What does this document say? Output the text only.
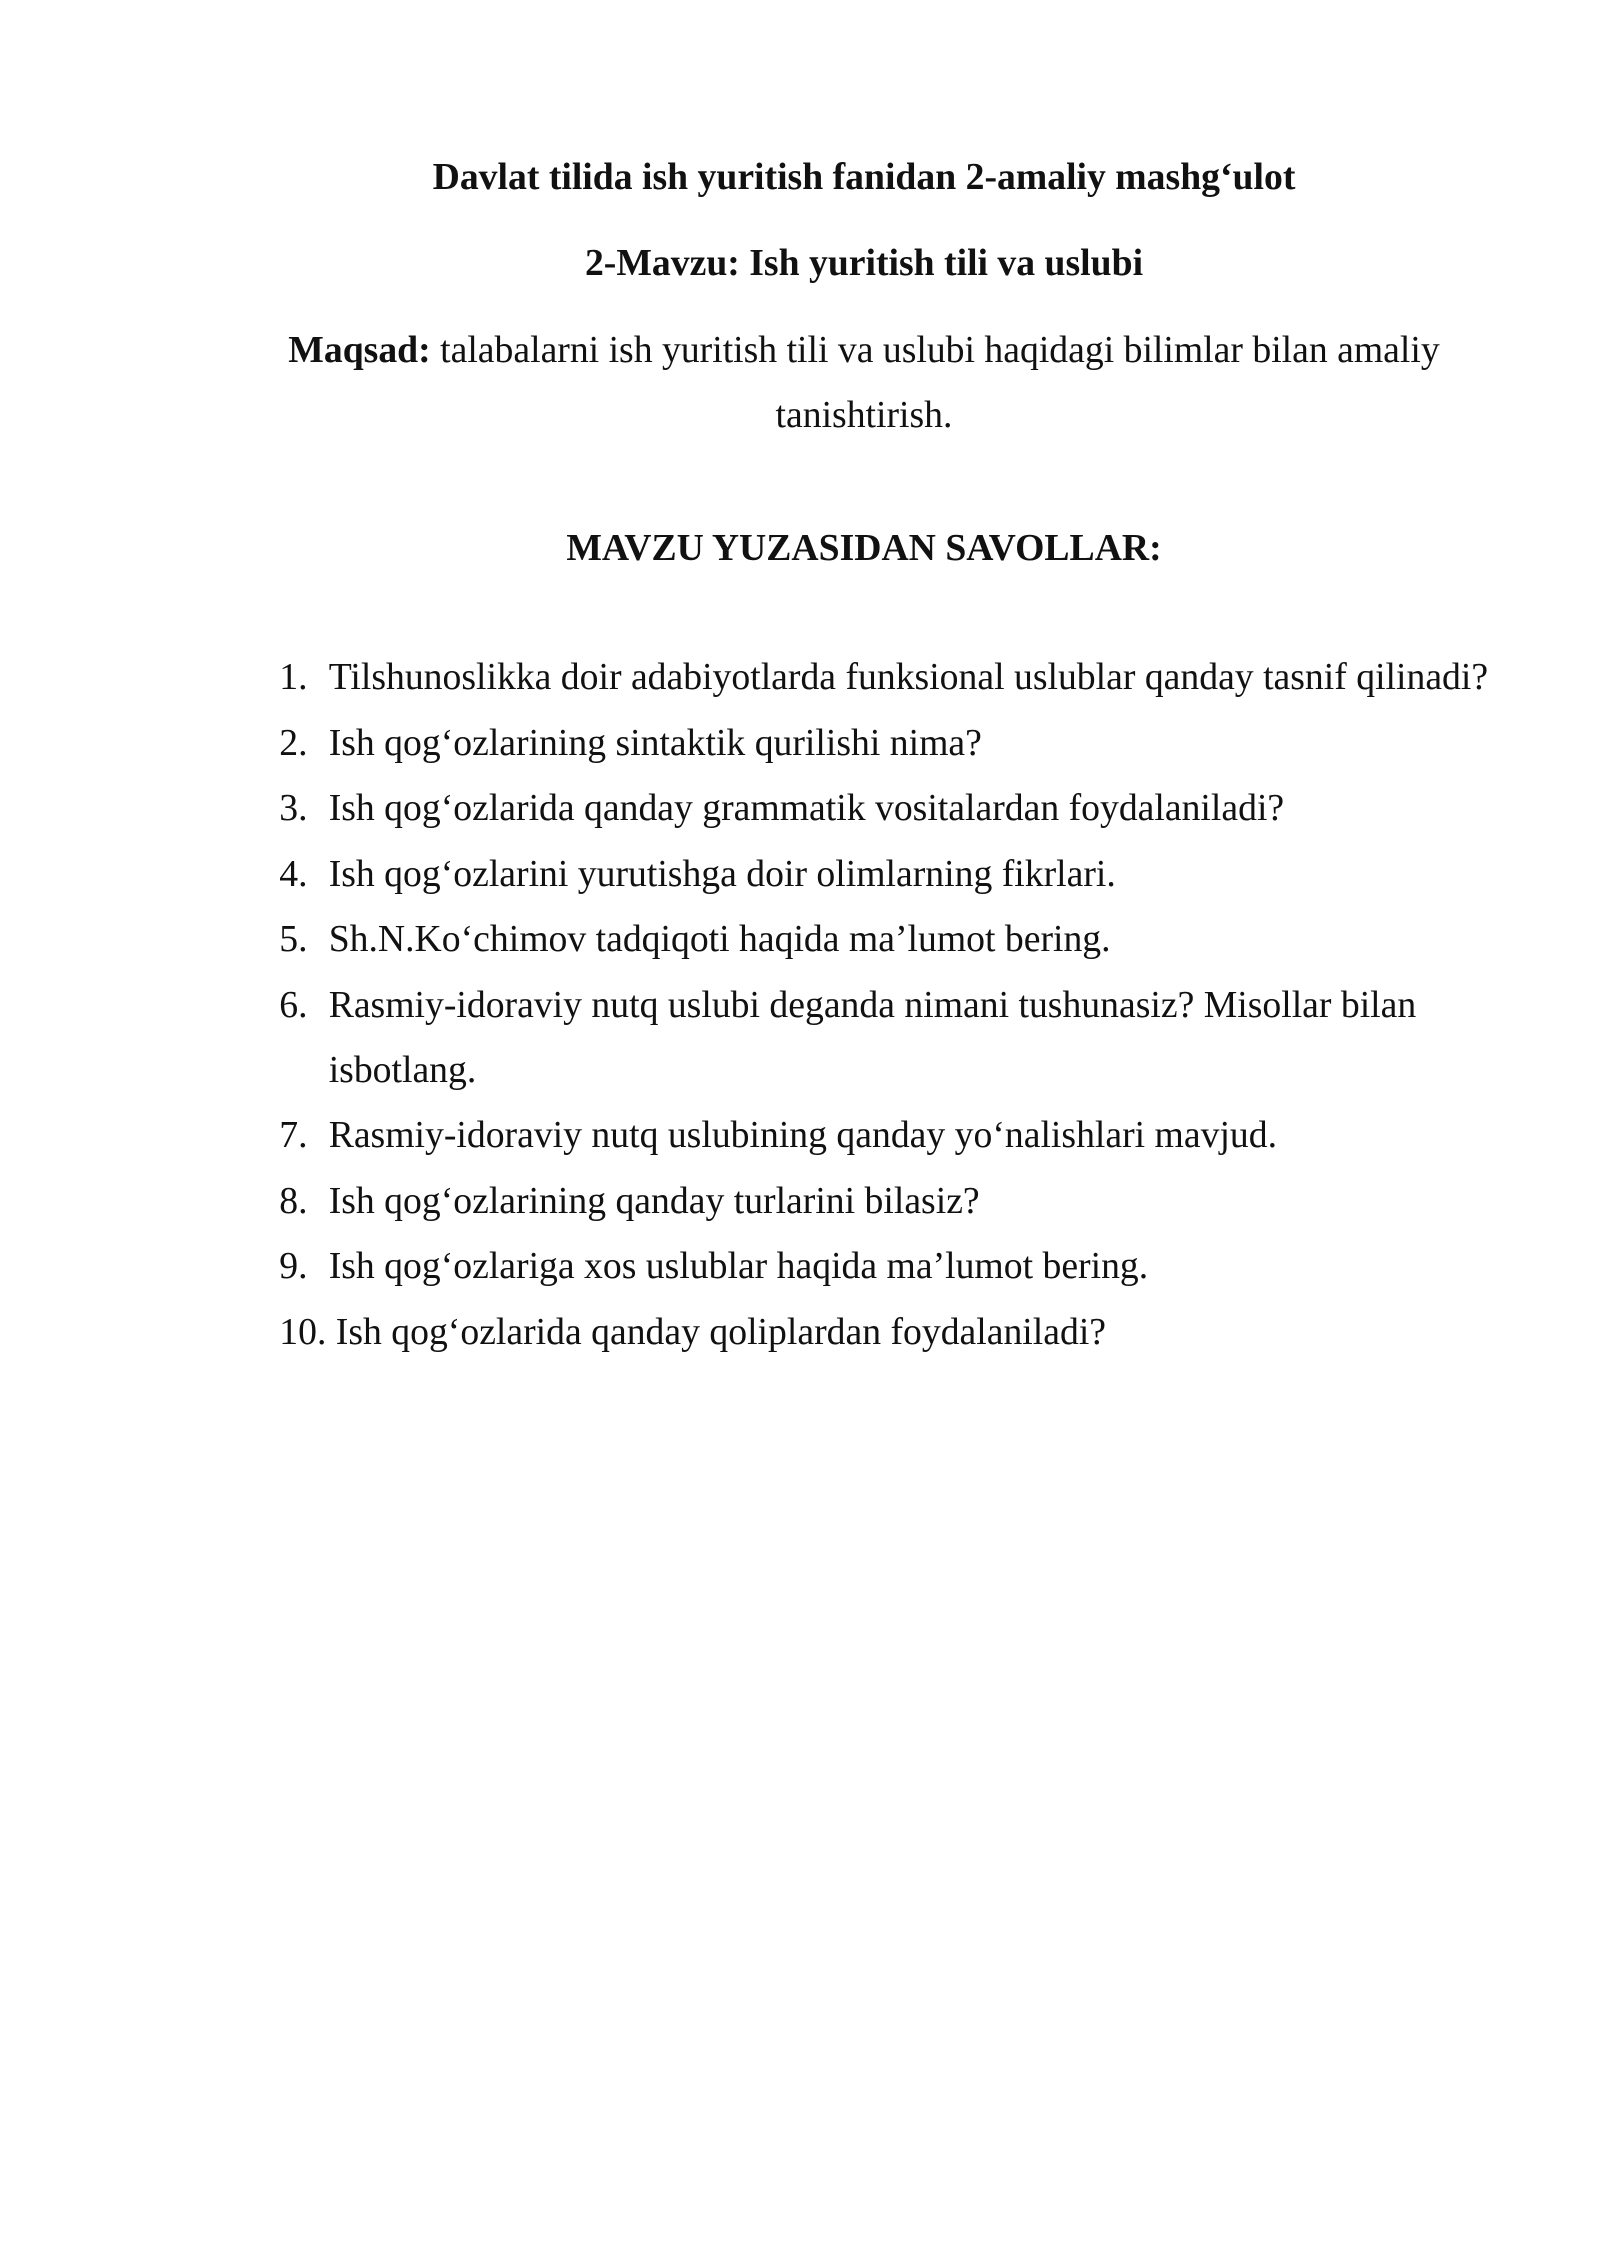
Davlat tilida ish yuritish fanidan 2-amaliy mashg‘ulot

2-Mavzu: Ish yuritish tili va uslubi

Maqsad: talabalarni ish yuritish tili va uslubi haqidagi bilimlar bilan amaliy tanishtirish.

MAVZU YUZASIDAN SAVOLLAR:

1. Tilshunoslikka doir adabiyotlarda funksional uslublar qanday tasnif qilinadi?
2. Ish qog‘ozlarining sintaktik qurilishi nima?
3. Ish qog‘ozlarida qanday grammatik vositalardan foydalaniladi?
4. Ish qog‘ozlarini yurutishga doir olimlarning fikrlari.
5. Sh.N.Ko‘chimov tadqiqoti haqida ma’lumot bering.
6. Rasmiy-idoraviy nutq uslubi deganda nimani tushunasiz? Misollar bilan isbotlang.
7. Rasmiy-idoraviy nutq uslubining qanday yo‘nalishlari mavjud.
8. Ish qog‘ozlarining qanday turlarini bilasiz?
9. Ish qog‘ozlariga xos uslublar haqida ma’lumot bering.
10. Ish qog‘ozlarida qanday qoliplardan foydalaniladi?
